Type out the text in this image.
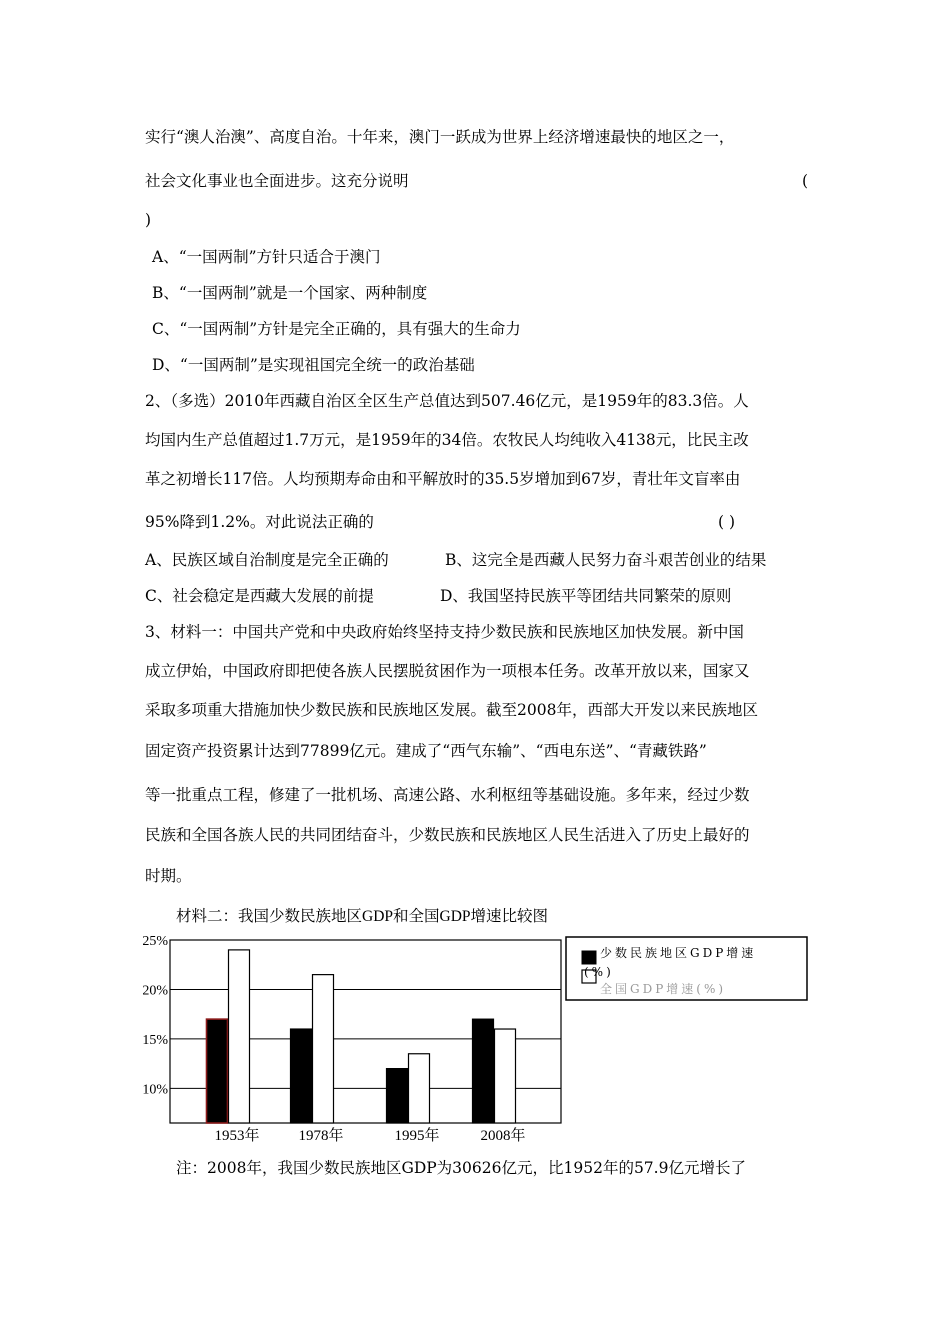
实行“澳人治澳”、高度自治。十年来，澳门一跃成为世界上经济增速最快的地区之一，
社会文化事业也全面进步。这充分说明	(
)
A、“一国两制”方针只适合于澳门
B、“一国两制”就是一个国家、两种制度
C、“一国两制”方针是完全正确的，具有强大的生命力
D、“一国两制”是实现祖国完全统一的政治基础
2、（多选）2010年西藏自治区全区生产总值达到507.46亿元，是1959年的83.3倍。人
均国内生产总值超过1.7万元，是1959年的34倍。农牧民人均纯收入4138元，比民主改
革之初增长117倍。人均预期寿命由和平解放时的35.5岁增加到67岁，青壮年文盲率由
95%降到1.2%。对此说法正确的	( )
A、民族区域自治制度是完全正确的	B、这完全是西藏人民努力奋斗艰苦创业的结果
C、社会稳定是西藏大发展的前提	D、我国坚持民族平等团结共同繁荣的原则
3、材料一：中国共产党和中央政府始终坚持支持少数民族和民族地区加快发展。新中国
成立伊始，中国政府即把使各族人民摆脱贫困作为一项根本任务。改革开放以来，国家又
采取多项重大措施加快少数民族和民族地区发展。截至2008年，西部大开发以来民族地区
固定资产投资累计达到77899亿元。建成了“西气东输”、“西电东送”、“青藏铁路”
等一批重点工程，修建了一批机场、高速公路、水利枢纽等基础设施。多年来，经过少数
民族和全国各族人民的共同团结奋斗，少数民族和民族地区人民生活进入了历史上最好的
时期。
材料二：我国少数民族地区GDP和全国GDP增速比较图
25%
20%
15%
10%
1953年	1978年	1995年	2008年
少数民族地区GDP增速(%)
全国GDP增速(%)
注：2008年，我国少数民族地区GDP为30626亿元，比1952年的57.9亿元增长了
